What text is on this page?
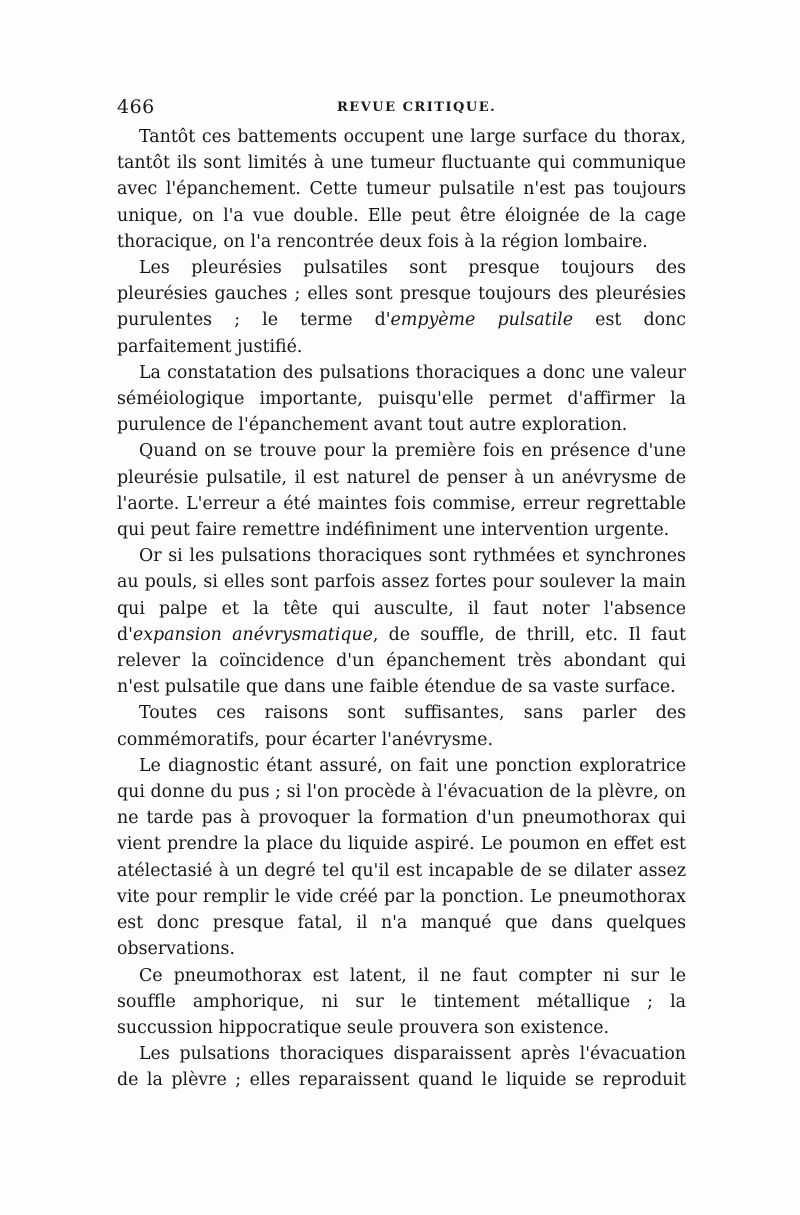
466	REVUE CRITIQUE.

Tantôt ces battements occupent une large surface du thorax, tantôt ils sont limités à une tumeur fluctuante qui communique avec l'épanchement. Cette tumeur pulsatile n'est pas toujours unique, on l'a vue double. Elle peut être éloignée de la cage thoracique, on l'a rencontrée deux fois à la région lombaire.

Les pleurésies pulsatiles sont presque toujours des pleurésies gauches ; elles sont presque toujours des pleurésies purulentes ; le terme d'empyème pulsatile est donc parfaitement justifié.

La constatation des pulsations thoraciques a donc une valeur séméiologique importante, puisqu'elle permet d'affirmer la purulence de l'épanchement avant tout autre exploration.

Quand on se trouve pour la première fois en présence d'une pleurésie pulsatile, il est naturel de penser à un anévrysme de l'aorte. L'erreur a été maintes fois commise, erreur regrettable qui peut faire remettre indéfiniment une intervention urgente.

Or si les pulsations thoraciques sont rythmées et synchrones au pouls, si elles sont parfois assez fortes pour soulever la main qui palpe et la tête qui ausculte, il faut noter l'absence d'expansion anévrysmatique, de souffle, de thrill, etc. Il faut relever la coïncidence d'un épanchement très abondant qui n'est pulsatile que dans une faible étendue de sa vaste surface.

Toutes ces raisons sont suffisantes, sans parler des commémoratifs, pour écarter l'anévrysme.

Le diagnostic étant assuré, on fait une ponction exploratrice qui donne du pus ; si l'on procède à l'évacuation de la plèvre, on ne tarde pas à provoquer la formation d'un pneumothorax qui vient prendre la place du liquide aspiré. Le poumon en effet est atélectasié à un degré tel qu'il est incapable de se dilater assez vite pour remplir le vide créé par la ponction. Le pneumothorax est donc presque fatal, il n'a manqué que dans quelques observations.

Ce pneumothorax est latent, il ne faut compter ni sur le souffle amphorique, ni sur le tintement métallique ; la succussion hippocratique seule prouvera son existence.

Les pulsations thoraciques disparaissent après l'évacuation de la plèvre ; elles reparaissent quand le liquide se reproduit
